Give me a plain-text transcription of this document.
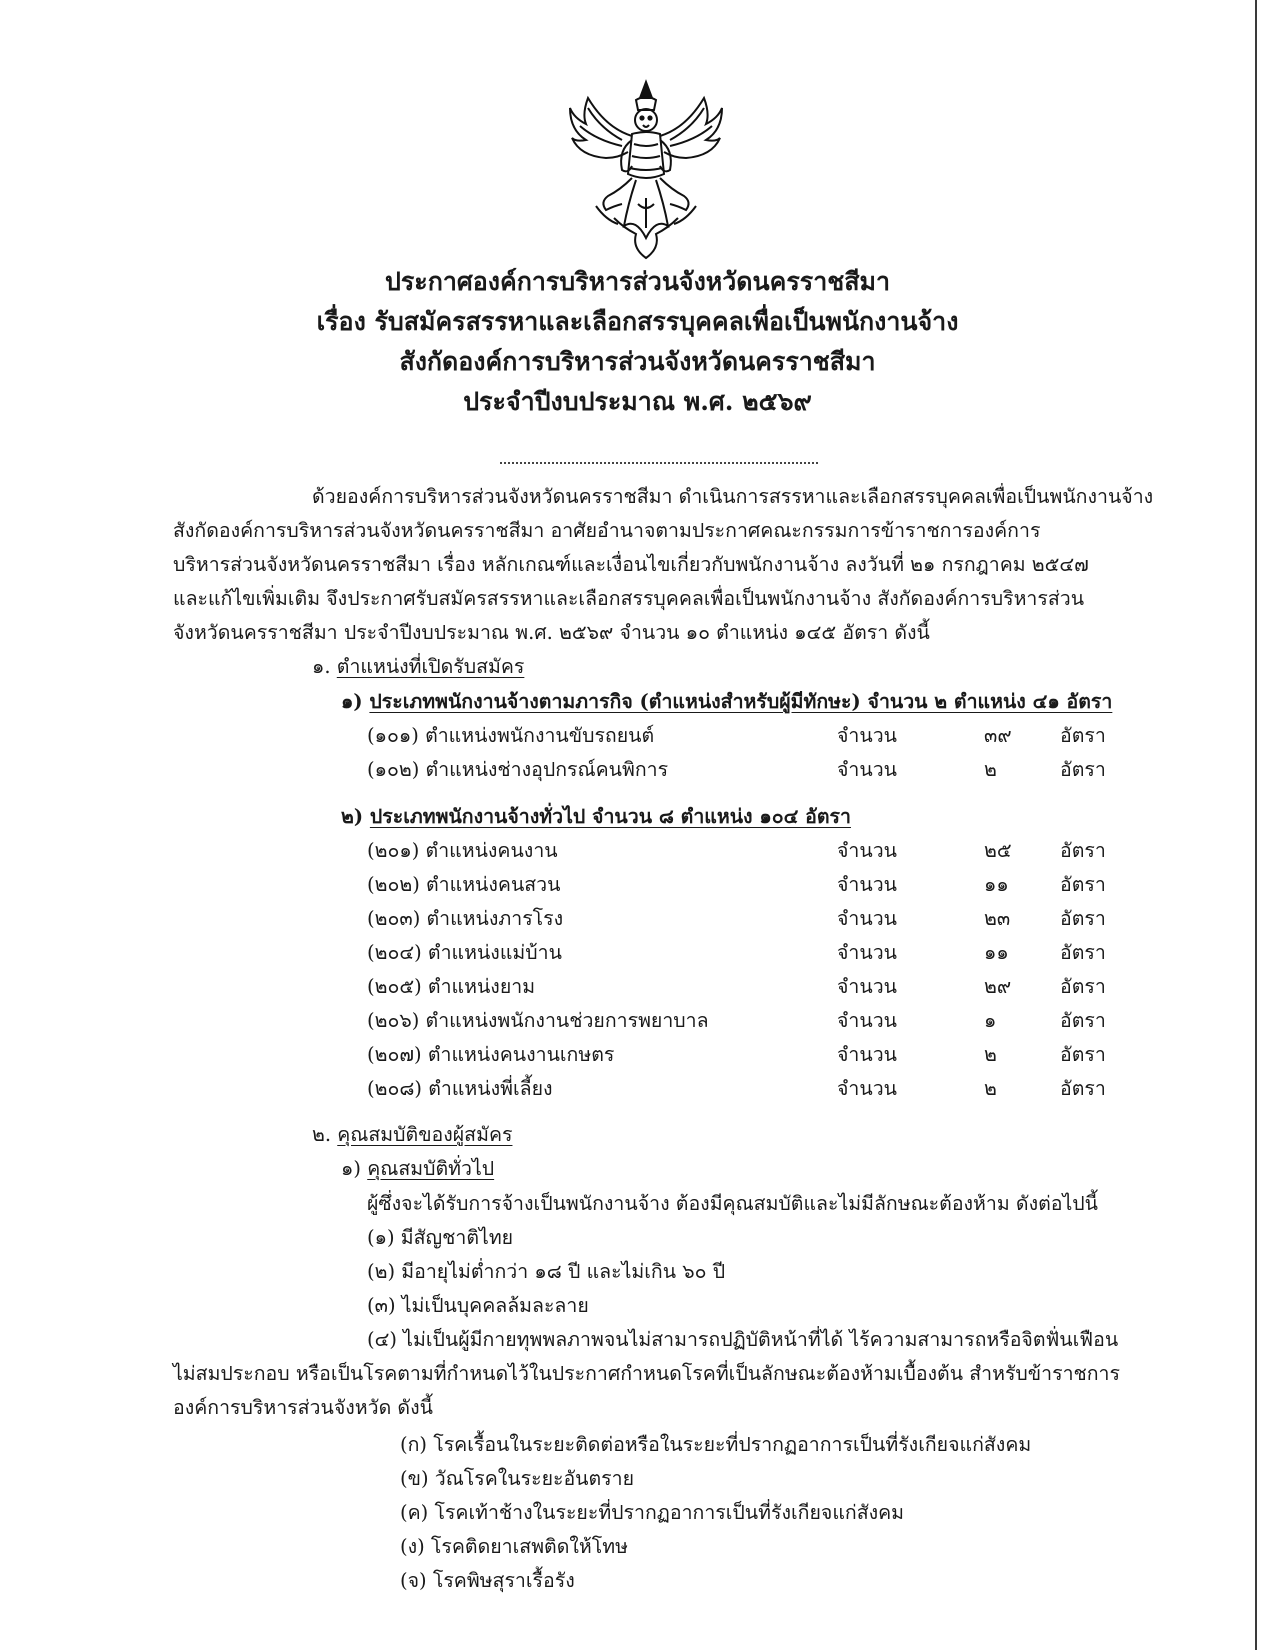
ประกาศองค์การบริหารส่วนจังหวัดนครราชสีมา
เรื่อง รับสมัครสรรหาและเลือกสรรบุคคลเพื่อเป็นพนักงานจ้าง
สังกัดองค์การบริหารส่วนจังหวัดนครราชสีมา
ประจำปีงบประมาณ พ.ศ. ๒๕๖๙
ด้วยองค์การบริหารส่วนจังหวัดนครราชสีมา ดำเนินการสรรหาและเลือกสรรบุคคลเพื่อเป็นพนักงานจ้าง
สังกัดองค์การบริหารส่วนจังหวัดนครราชสีมา อาศัยอำนาจตามประกาศคณะกรรมการข้าราชการองค์การ
บริหารส่วนจังหวัดนครราชสีมา เรื่อง หลักเกณฑ์และเงื่อนไขเกี่ยวกับพนักงานจ้าง ลงวันที่ ๒๑ กรกฎาคม ๒๕๔๗
และแก้ไขเพิ่มเติม จึงประกาศรับสมัครสรรหาและเลือกสรรบุคคลเพื่อเป็นพนักงานจ้าง สังกัดองค์การบริหารส่วน
จังหวัดนครราชสีมา ประจำปีงบประมาณ พ.ศ. ๒๕๖๙ จำนวน ๑๐ ตำแหน่ง ๑๔๕ อัตรา ดังนี้
๑. ตำแหน่งที่เปิดรับสมัคร
๑) ประเภทพนักงานจ้างตามภารกิจ (ตำแหน่งสำหรับผู้มีทักษะ) จำนวน ๒ ตำแหน่ง ๔๑ อัตรา
(๑๐๑) ตำแหน่งพนักงานขับรถยนต์	จำนวน	๓๙ อัตรา
(๑๐๒) ตำแหน่งช่างอุปกรณ์คนพิการ	จำนวน	๒	อัตรา
๒) ประเภทพนักงานจ้างทั่วไป จำนวน ๘ ตำแหน่ง ๑๐๔ อัตรา
(๒๐๑) ตำแหน่งคนงาน	จำนวน	๒๕ อัตรา
(๒๐๒) ตำแหน่งคนสวน	จำนวน	๑๑	อัตรา
(๒๐๓) ตำแหน่งภารโรง	จำนวน	๒๓	อัตรา
(๒๐๔) ตำแหน่งแม่บ้าน	จำนวน	๑๑	อัตรา
(๒๐๕) ตำแหน่งยาม	จำนวน	๒๙	อัตรา
(๒๐๖) ตำแหน่งพนักงานช่วยการพยาบาล	จำนวน	๑	อัตรา
(๒๐๗) ตำแหน่งคนงานเกษตร	จำนวน	๒	อัตรา
(๒๐๘) ตำแหน่งพี่เลี้ยง	จำนวน	๒	อัตรา
๒. คุณสมบัติของผู้สมัคร
๑) คุณสมบัติทั่วไป
ผู้ซึ่งจะได้รับการจ้างเป็นพนักงานจ้าง ต้องมีคุณสมบัติและไม่มีลักษณะต้องห้าม ดังต่อไปนี้
(๑) มีสัญชาติไทย
(๒) มีอายุไม่ต่ำกว่า ๑๘ ปี และไม่เกิน ๖๐ ปี
(๓) ไม่เป็นบุคคลล้มละลาย
(๔) ไม่เป็นผู้มีกายทุพพลภาพจนไม่สามารถปฏิบัติหน้าที่ได้ ไร้ความสามารถหรือจิตฟั่นเฟือน
ไม่สมประกอบ หรือเป็นโรคตามที่กำหนดไว้ในประกาศกำหนดโรคที่เป็นลักษณะต้องห้ามเบื้องต้น สำหรับข้าราชการ
องค์การบริหารส่วนจังหวัด ดังนี้
(ก) โรคเรื้อนในระยะติดต่อหรือในระยะที่ปรากฏอาการเป็นที่รังเกียจแก่สังคม
(ข) วัณโรคในระยะอันตราย
(ค) โรคเท้าช้างในระยะที่ปรากฏอาการเป็นที่รังเกียจแก่สังคม
(ง) โรคติดยาเสพติดให้โทษ
(จ) โรคพิษสุราเรื้อรัง
